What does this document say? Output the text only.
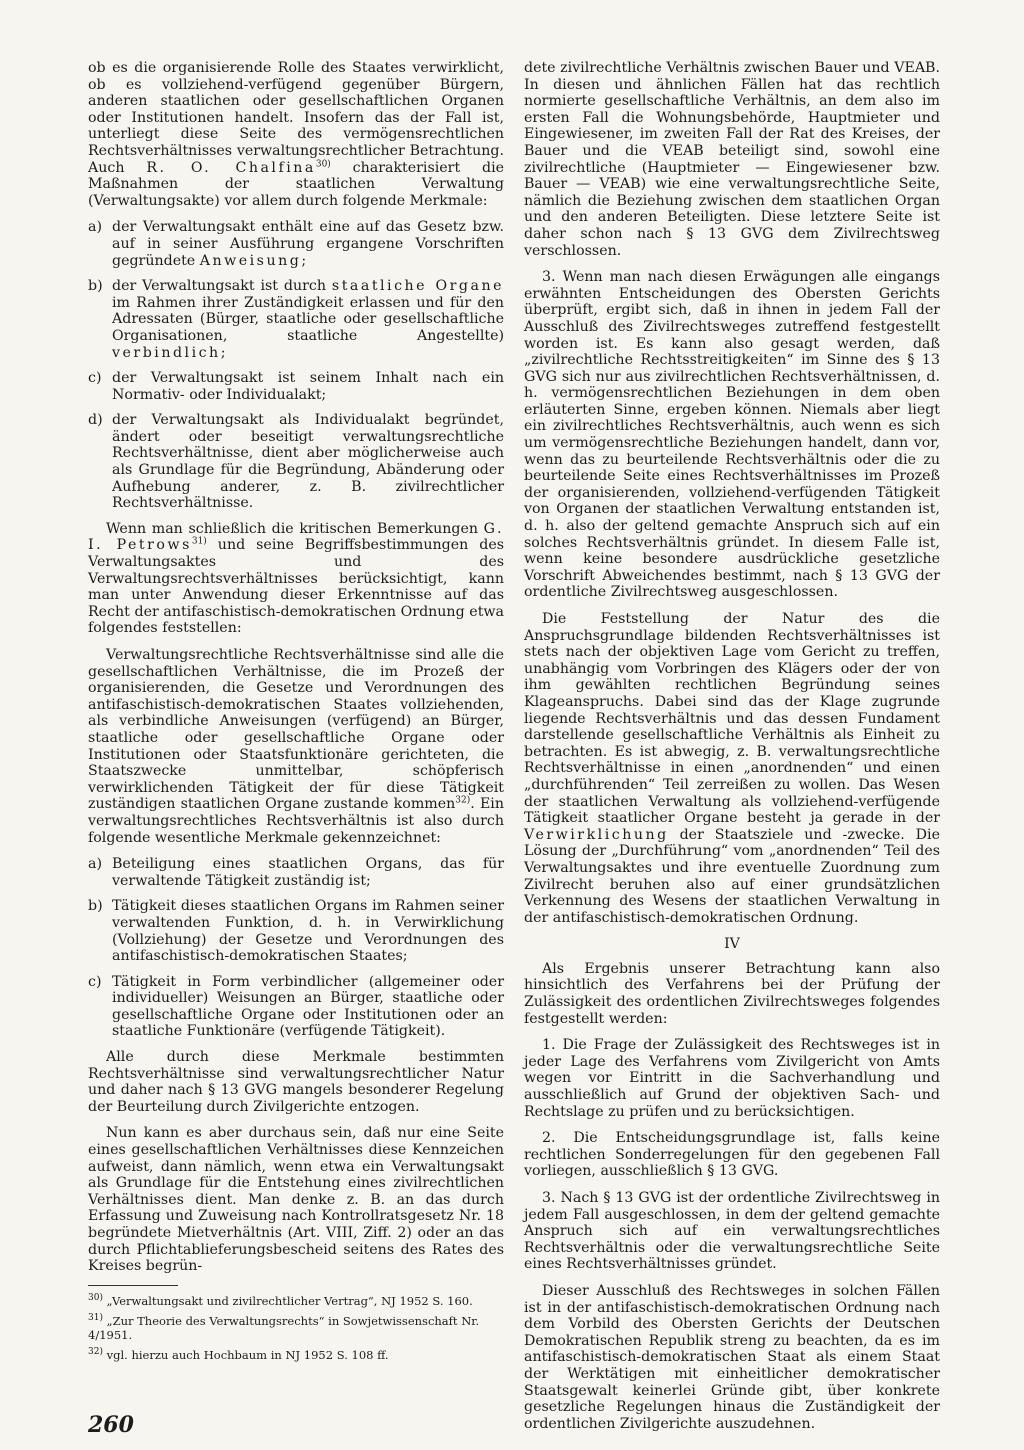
ob es die organisierende Rolle des Staates verwirklicht, ob es vollziehend-verfügend gegenüber Bürgern, anderen staatlichen oder gesellschaftlichen Organen oder Institutionen handelt. Insofern das der Fall ist, unterliegt diese Seite des vermögensrechtlichen Rechtsverhältnisses verwaltungsrechtlicher Betrachtung. Auch R. O. Chalfina$^{30)}$ charakterisiert die Maßnahmen der staatlichen Verwaltung (Verwaltungsakte) vor allem durch folgende Merkmale:

a) der Verwaltungsakt enthält eine auf das Gesetz bzw. auf in seiner Ausführung ergangene Vorschriften gegründete Anweisung;
b) der Verwaltungsakt ist durch staatliche Organe im Rahmen ihrer Zuständigkeit erlassen und für den Adressaten (Bürger, staatliche oder gesellschaftliche Organisationen, staatliche Angestellte) verbindlich;
c) der Verwaltungsakt ist seinem Inhalt nach ein Normativ- oder Individualakt;
d) der Verwaltungsakt als Individualakt begründet, ändert oder beseitigt verwaltungsrechtliche Rechtsverhältnisse, dient aber möglicherweise auch als Grundlage für die Begründung, Abänderung oder Aufhebung anderer, z. B. zivilrechtlicher Rechtsverhältnisse.

Wenn man schließlich die kritischen Bemerkungen G. I. Petrows$^{31)}$ und seine Begriffsbestimmungen des Verwaltungsaktes und des Verwaltungsrechtsverhältnisses berücksichtigt, kann man unter Anwendung dieser Erkenntnisse auf das Recht der antifaschistisch-demokratischen Ordnung etwa folgendes feststellen:

Verwaltungsrechtliche Rechtsverhältnisse sind alle die gesellschaftlichen Verhältnisse, die im Prozeß der organisierenden, die Gesetze und Verordnungen des antifaschistisch-demokratischen Staates vollziehenden, als verbindliche Anweisungen (verfügend) an Bürger, staatliche oder gesellschaftliche Organe oder Institutionen oder Staatsfunktionäre gerichteten, die Staatszwecke unmittelbar, schöpferisch verwirklichenden Tätigkeit der für diese Tätigkeit zuständigen staatlichen Organe zustande kommen$^{32)}$. Ein verwaltungsrechtliches Rechtsverhältnis ist also durch folgende wesentliche Merkmale gekennzeichnet:

a) Beteiligung eines staatlichen Organs, das für verwaltende Tätigkeit zuständig ist;
b) Tätigkeit dieses staatlichen Organs im Rahmen seiner verwaltenden Funktion, d. h. in Verwirklichung (Vollziehung) der Gesetze und Verordnungen des antifaschistisch-demokratischen Staates;
c) Tätigkeit in Form verbindlicher (allgemeiner oder individueller) Weisungen an Bürger, staatliche oder gesellschaftliche Organe oder Institutionen oder an staatliche Funktionäre (verfügende Tätigkeit).

Alle durch diese Merkmale bestimmten Rechtsverhältnisse sind verwaltungsrechtlicher Natur und daher nach § 13 GVG mangels besonderer Regelung der Beurteilung durch Zivilgerichte entzogen.

Nun kann es aber durchaus sein, daß nur eine Seite eines gesellschaftlichen Verhältnisses diese Kennzeichen aufweist, dann nämlich, wenn etwa ein Verwaltungsakt als Grundlage für die Entstehung eines zivilrechtlichen Verhältnisses dient. Man denke z. B. an das durch Erfassung und Zuweisung nach Kontrollratsgesetz Nr. 18 begründete Mietverhältnis (Art. VIII, Ziff. 2) oder an das durch Pflichtablieferungsbescheid seitens des Rates des Kreises begrün-

$^{30)}$ „Verwaltungsakt und zivilrechtlicher Vertrag“, NJ 1952 S. 160.
$^{31)}$ „Zur Theorie des Verwaltungsrechts“ in Sowjetwissenschaft Nr. 4/1951.
$^{32)}$ vgl. hierzu auch Hochbaum in NJ 1952 S. 108 ff.

dete zivilrechtliche Verhältnis zwischen Bauer und VEAB. In diesen und ähnlichen Fällen hat das rechtlich normierte gesellschaftliche Verhältnis, an dem also im ersten Fall die Wohnungsbehörde, Hauptmieter und Eingewiesener, im zweiten Fall der Rat des Kreises, der Bauer und die VEAB beteiligt sind, sowohl eine zivilrechtliche (Hauptmieter — Eingewiesener bzw. Bauer — VEAB) wie eine verwaltungsrechtliche Seite, nämlich die Beziehung zwischen dem staatlichen Organ und den anderen Beteiligten. Diese letztere Seite ist daher schon nach § 13 GVG dem Zivilrechtsweg verschlossen.

3. Wenn man nach diesen Erwägungen alle eingangs erwähnten Entscheidungen des Obersten Gerichts überprüft, ergibt sich, daß in ihnen in jedem Fall der Ausschluß des Zivilrechtsweges zutreffend festgestellt worden ist. Es kann also gesagt werden, daß „zivilrechtliche Rechtsstreitigkeiten“ im Sinne des § 13 GVG sich nur aus zivilrechtlichen Rechtsverhältnissen, d. h. vermögensrechtlichen Beziehungen in dem oben erläuterten Sinne, ergeben können. Niemals aber liegt ein zivilrechtliches Rechtsverhältnis, auch wenn es sich um vermögensrechtliche Beziehungen handelt, dann vor, wenn das zu beurteilende Rechtsverhältnis oder die zu beurteilende Seite eines Rechtsverhältnisses im Prozeß der organisierenden, vollziehend-verfügenden Tätigkeit von Organen der staatlichen Verwaltung entstanden ist, d. h. also der geltend gemachte Anspruch sich auf ein solches Rechtsverhältnis gründet. In diesem Falle ist, wenn keine besondere ausdrückliche gesetzliche Vorschrift Abweichendes bestimmt, nach § 13 GVG der ordentliche Zivilrechtsweg ausgeschlossen.

Die Feststellung der Natur des die Anspruchsgrundlage bildenden Rechtsverhältnisses ist stets nach der objektiven Lage vom Gericht zu treffen, unabhängig vom Vorbringen des Klägers oder der von ihm gewählten rechtlichen Begründung seines Klageanspruchs. Dabei sind das der Klage zugrunde liegende Rechtsverhältnis und das dessen Fundament darstellende gesellschaftliche Verhältnis als Einheit zu betrachten. Es ist abwegig, z. B. verwaltungsrechtliche Rechtsverhältnisse in einen „anordnenden“ und einen „durchführenden“ Teil zerreißen zu wollen. Das Wesen der staatlichen Verwaltung als vollziehend-verfügende Tätigkeit staatlicher Organe besteht ja gerade in der Verwirklichung der Staatsziele und -zwecke. Die Lösung der „Durchführung“ vom „anordnenden“ Teil des Verwaltungsaktes und ihre eventuelle Zuordnung zum Zivilrecht beruhen also auf einer grundsätzlichen Verkennung des Wesens der staatlichen Verwaltung in der antifaschistisch-demokratischen Ordnung.

IV

Als Ergebnis unserer Betrachtung kann also hinsichtlich des Verfahrens bei der Prüfung der Zulässigkeit des ordentlichen Zivilrechtsweges folgendes festgestellt werden:

1. Die Frage der Zulässigkeit des Rechtsweges ist in jeder Lage des Verfahrens vom Zivilgericht von Amts wegen vor Eintritt in die Sachverhandlung und ausschließlich auf Grund der objektiven Sach- und Rechtslage zu prüfen und zu berücksichtigen.

2. Die Entscheidungsgrundlage ist, falls keine rechtlichen Sonderregelungen für den gegebenen Fall vorliegen, ausschließlich § 13 GVG.

3. Nach § 13 GVG ist der ordentliche Zivilrechtsweg in jedem Fall ausgeschlossen, in dem der geltend gemachte Anspruch sich auf ein verwaltungsrechtliches Rechtsverhältnis oder die verwaltungsrechtliche Seite eines Rechtsverhältnisses gründet.

Dieser Ausschluß des Rechtsweges in solchen Fällen ist in der antifaschistisch-demokratischen Ordnung nach dem Vorbild des Obersten Gerichts der Deutschen Demokratischen Republik streng zu beachten, da es im antifaschistisch-demokratischen Staat als einem Staat der Werktätigen mit einheitlicher demokratischer Staatsgewalt keinerlei Gründe gibt, über konkrete gesetzliche Regelungen hinaus die Zuständigkeit der ordentlichen Zivilgerichte auszudehnen.

260
